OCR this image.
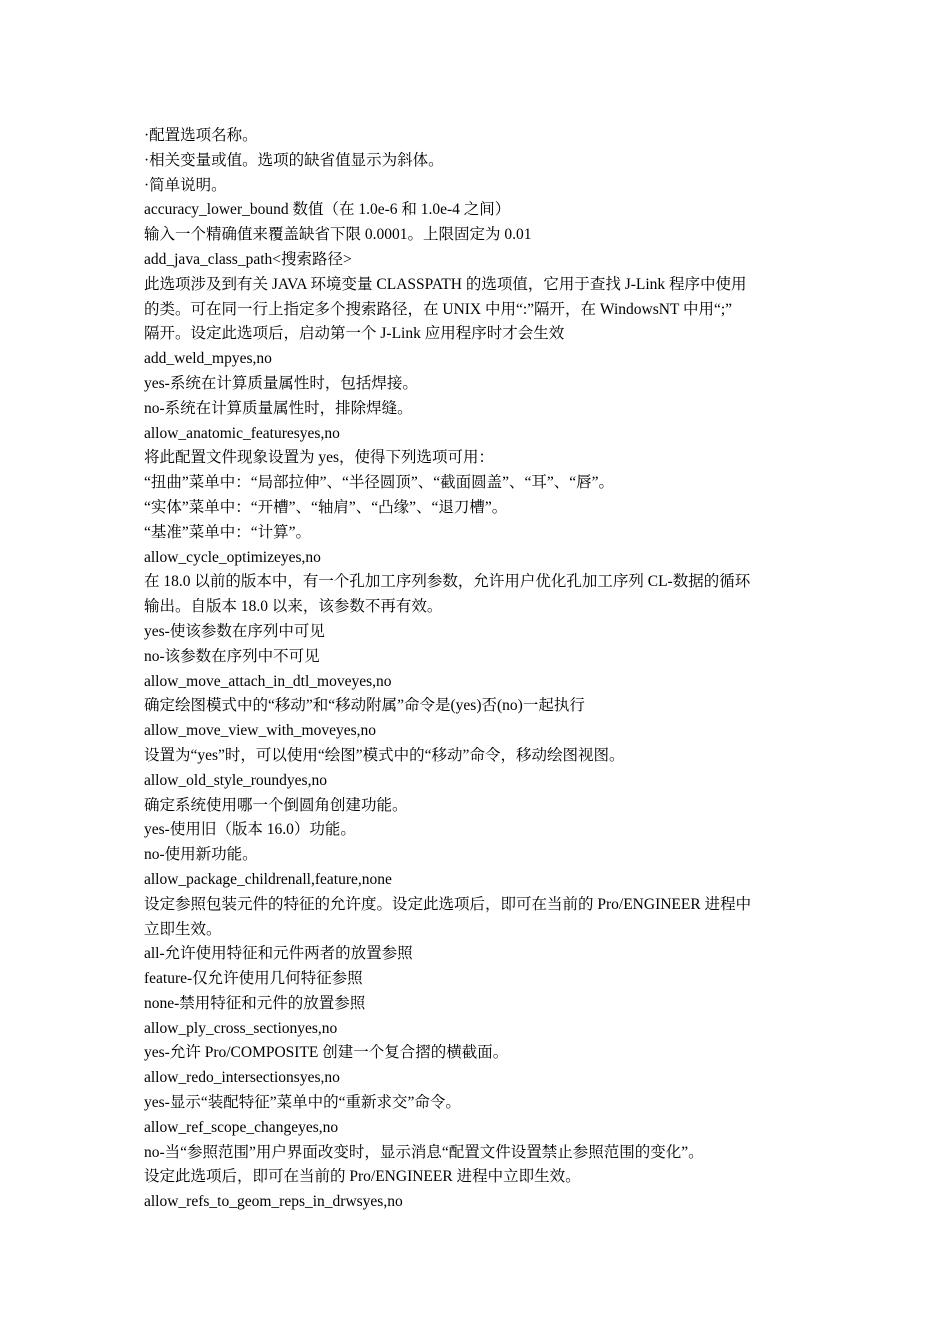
·配置选项名称。
·相关变量或值。选项的缺省值显示为斜体。
·简单说明。
accuracy_lower_bound 数值（在 1.0e-6 和 1.0e-4 之间）
输入一个精确值来覆盖缺省下限 0.0001。上限固定为 0.01
add_java_class_path<搜索路径>
此选项涉及到有关 JAVA 环境变量 CLASSPATH 的选项值，它用于查找 J-Link 程序中使用
的类。可在同一行上指定多个搜索路径，在 UNIX 中用“:”隔开，在 WindowsNT 中用“;”
隔开。设定此选项后，启动第一个 J-Link 应用程序时才会生效
add_weld_mpyes,no
yes-系统在计算质量属性时，包括焊接。
no-系统在计算质量属性时，排除焊缝。
allow_anatomic_featuresyes,no
将此配置文件现象设置为 yes，使得下列选项可用：
“扭曲”菜单中：“局部拉伸”、“半径圆顶”、“截面圆盖”、“耳”、“唇”。
“实体”菜单中：“开槽”、“轴肩”、“凸缘”、“退刀槽”。
“基准”菜单中：“计算”。
allow_cycle_optimizeyes,no
在 18.0 以前的版本中，有一个孔加工序列参数，允许用户优化孔加工序列 CL-数据的循环
输出。自版本 18.0 以来，该参数不再有效。
yes-使该参数在序列中可见
no-该参数在序列中不可见
allow_move_attach_in_dtl_moveyes,no
确定绘图模式中的“移动”和“移动附属”命令是(yes)否(no)一起执行
allow_move_view_with_moveyes,no
设置为“yes”时，可以使用“绘图”模式中的“移动”命令，移动绘图视图。
allow_old_style_roundyes,no
确定系统使用哪一个倒圆角创建功能。
yes-使用旧（版本 16.0）功能。
no-使用新功能。
allow_package_childrenall,feature,none
设定参照包装元件的特征的允许度。设定此选项后，即可在当前的 Pro/ENGINEER 进程中
立即生效。
all-允许使用特征和元件两者的放置参照
feature-仅允许使用几何特征参照
none-禁用特征和元件的放置参照
allow_ply_cross_sectionyes,no
yes-允许 Pro/COMPOSITE 创建一个复合摺的横截面。
allow_redo_intersectionsyes,no
yes-显示“装配特征”菜单中的“重新求交”命令。
allow_ref_scope_changeyes,no
no-当“参照范围”用户界面改变时，显示消息“配置文件设置禁止参照范围的变化”。
设定此选项后，即可在当前的 Pro/ENGINEER 进程中立即生效。
allow_refs_to_geom_reps_in_drwsyes,no
